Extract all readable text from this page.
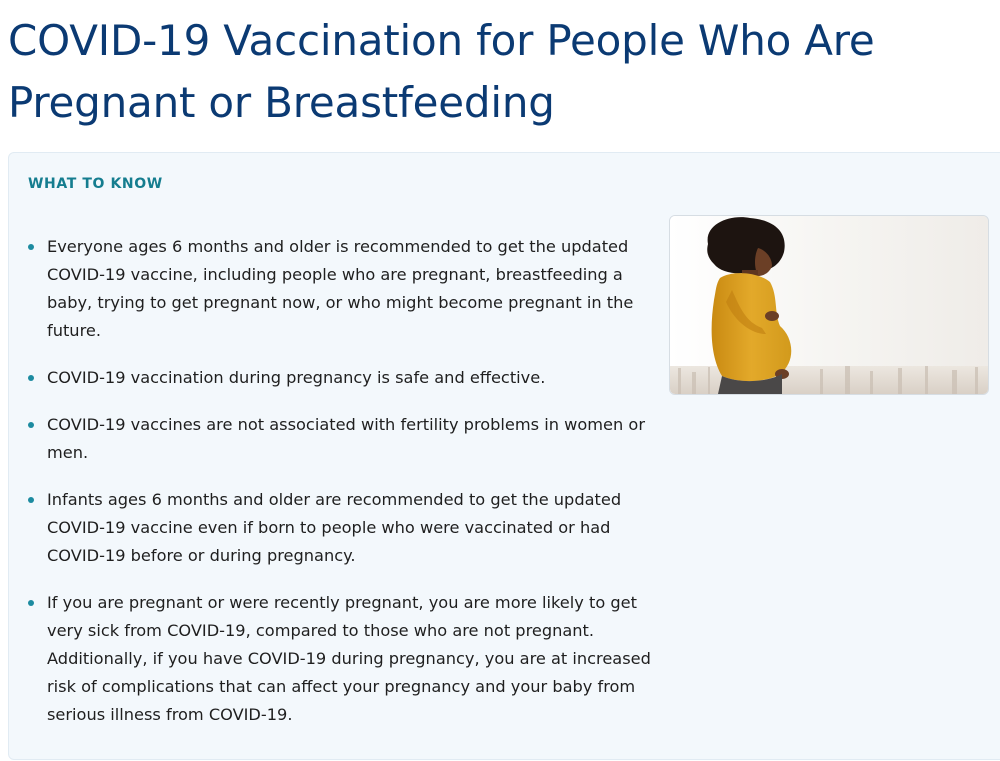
COVID-19 Vaccination for People Who Are Pregnant or Breastfeeding
WHAT TO KNOW
Everyone ages 6 months and older is recommended to get the updated COVID-19 vaccine, including people who are pregnant, breastfeeding a baby, trying to get pregnant now, or who might become pregnant in the future.
COVID-19 vaccination during pregnancy is safe and effective.
COVID-19 vaccines are not associated with fertility problems in women or men.
Infants ages 6 months and older are recommended to get the updated COVID-19 vaccine even if born to people who were vaccinated or had COVID-19 before or during pregnancy.
If you are pregnant or were recently pregnant, you are more likely to get very sick from COVID-19, compared to those who are not pregnant. Additionally, if you have COVID-19 during pregnancy, you are at increased risk of complications that can affect your pregnancy and your baby from serious illness from COVID-19.
